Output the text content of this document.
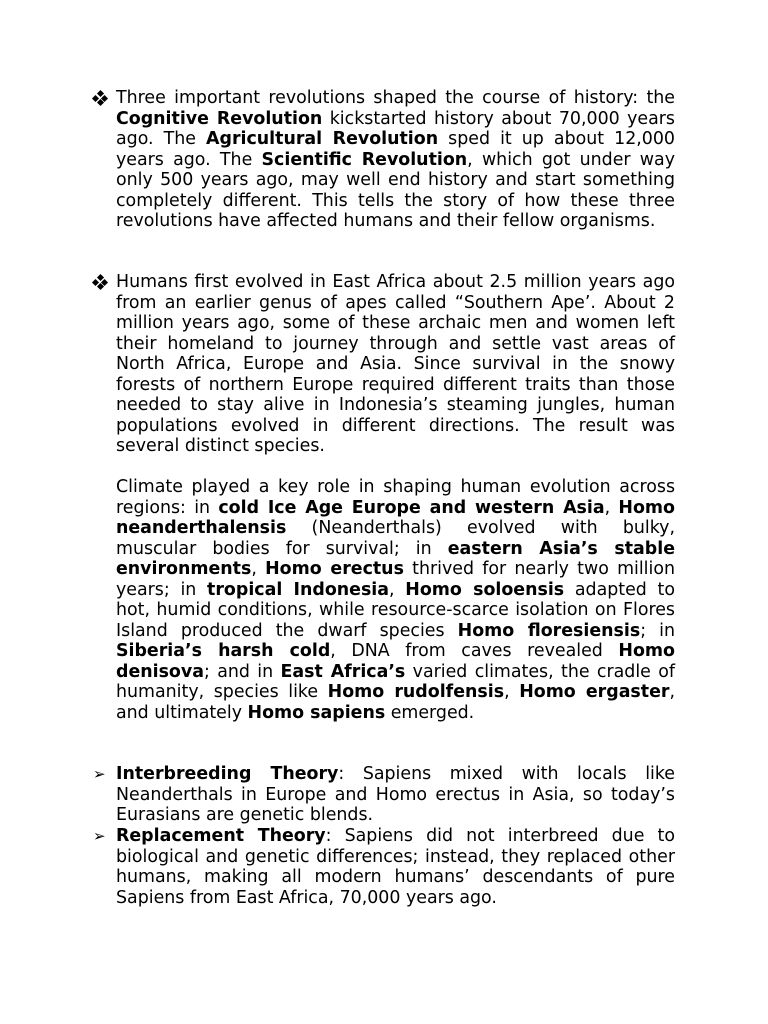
Three important revolutions shaped the course of history: the Cognitive Revolution kickstarted history about 70,000 years ago. The Agricultural Revolution sped it up about 12,000 years ago. The Scientific Revolution, which got under way only 500 years ago, may well end history and start something completely different. This tells the story of how these three revolutions have affected humans and their fellow organisms.
Humans first evolved in East Africa about 2.5 million years ago from an earlier genus of apes called “Southern Ape’. About 2 million years ago, some of these archaic men and women left their homeland to journey through and settle vast areas of North Africa, Europe and Asia. Since survival in the snowy forests of northern Europe required different traits than those needed to stay alive in Indonesia’s steaming jungles, human populations evolved in different directions. The result was several distinct species.
Climate played a key role in shaping human evolution across regions: in cold Ice Age Europe and western Asia, Homo neanderthalensis (Neanderthals) evolved with bulky, muscular bodies for survival; in eastern Asia’s stable environments, Homo erectus thrived for nearly two million years; in tropical Indonesia, Homo soloensis adapted to hot, humid conditions, while resource-scarce isolation on Flores Island produced the dwarf species Homo floresiensis; in Siberia’s harsh cold, DNA from caves revealed Homo denisova; and in East Africa’s varied climates, the cradle of humanity, species like Homo rudolfensis, Homo ergaster, and ultimately Homo sapiens emerged.
➢ Interbreeding Theory: Sapiens mixed with locals like Neanderthals in Europe and Homo erectus in Asia, so today’s Eurasians are genetic blends.
➢ Replacement Theory: Sapiens did not interbreed due to biological and genetic differences; instead, they replaced other humans, making all modern humans’ descendants of pure Sapiens from East Africa, 70,000 years ago.
